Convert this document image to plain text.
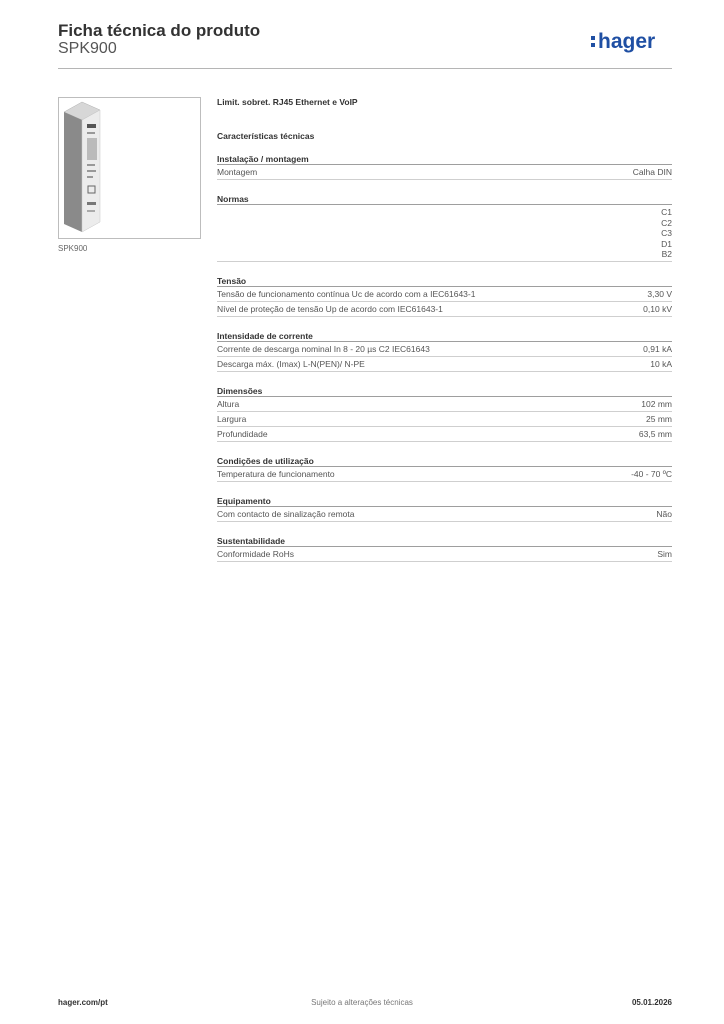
Ficha técnica do produto
SPK900	hager
SPK900
Limit. sobret. RJ45 Ethernet e VoIP
Características técnicas
Instalação / montagem
Montagem	Calha DIN
Normas
C1
C2
C3
D1
B2
Tensão
Tensão de funcionamento contínua Uc de acordo com a IEC61643-1	3,30 V
Nível de proteção de tensão Up de acordo com IEC61643-1	0,10 kV
Intensidade de corrente
Corrente de descarga nominal In 8 - 20 µs C2 IEC61643	0,91 kA
Descarga máx. (Imax) L-N(PEN)/ N-PE	10 kA
Dimensões
Altura	102 mm
Largura	25 mm
Profundidade	63,5 mm
Condições de utilização
Temperatura de funcionamento	-40 - 70 ºC
Equipamento
Com contacto de sinalização remota	Não
Sustentabilidade
Conformidade RoHs	Sim
hager.com/pt	Sujeito a alterações técnicas	05.01.2026
